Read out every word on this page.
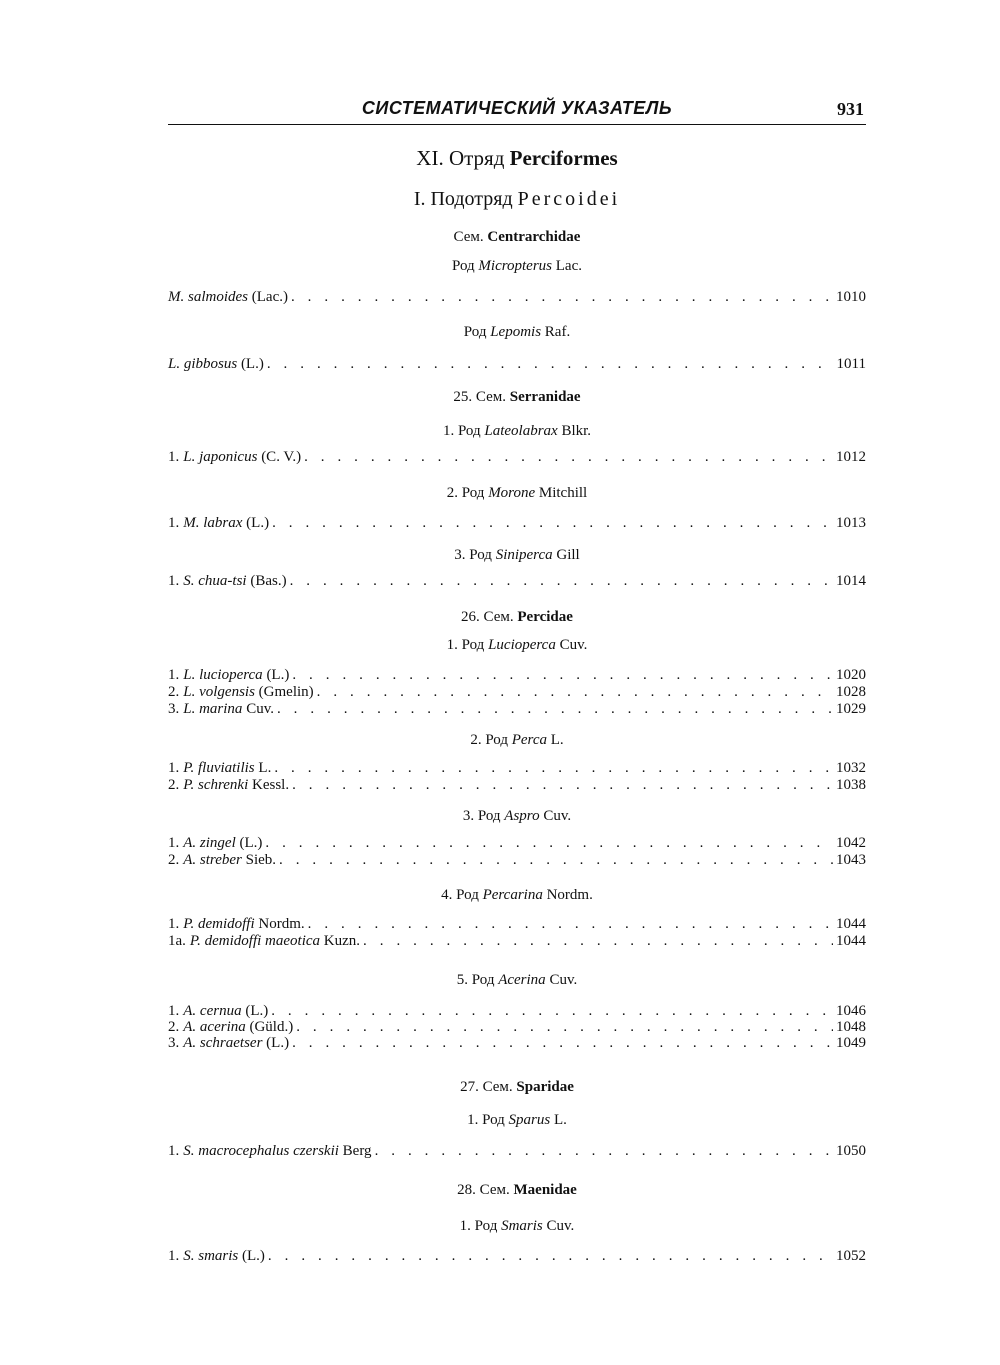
СИСТЕМАТИЧЕСКИЙ УКАЗАТЕЛЬ	931
XI. Отряд Perciformes
I. Подотряд Percoidei
Сем. Centrarchidae
Род Micropterus Lac.
M. salmoides (Lac.) . . .	1010
Род Lepomis Raf.
L. gibbosus (L.) . . .	1011
25. Сем. Serranidae
1. Род Lateolabrax Blkr.
1. L. japonicus (C. V.) . . .	1012
2. Род Morone Mitchill
1. M. labrax (L.) . . .	1013
3. Род Siniperca Gill
1. S. chua-tsi (Bas.) . . .	1014
26. Сем. Percidae
1. Род Lucioperca Cuv.
1. L. lucioperca (L.) . . .	1020
2. L. volgensis (Gmelin) . . .	1028
3. L. marina Cuv. . . .	1029
2. Род Perca L.
1. P. fluviatilis L. . . .	1032
2. P. schrenki Kessl. . . .	1038
3. Род Aspro Cuv.
1. A. zingel (L.) . . .	1042
2. A. streber Sieb. . . .	1043
4. Род Percarina Nordm.
1. P. demidoffi Nordm. . . .	1044
1a. P. demidoffi maeotica Kuzn. . . .	1044
5. Род Acerina Cuv.
1. A. cernua (L.) . . .	1046
2. A. acerina (Güld.) . . .	1048
3. A. schraetser (L.) . . .	1049
27. Сем. Sparidae
1. Род Sparus L.
1. S. macrocephalus czerskii Berg . . .	1050
28. Сем. Maenidae
1. Род Smaris Cuv.
1. S. smaris (L.) . . .	1052
